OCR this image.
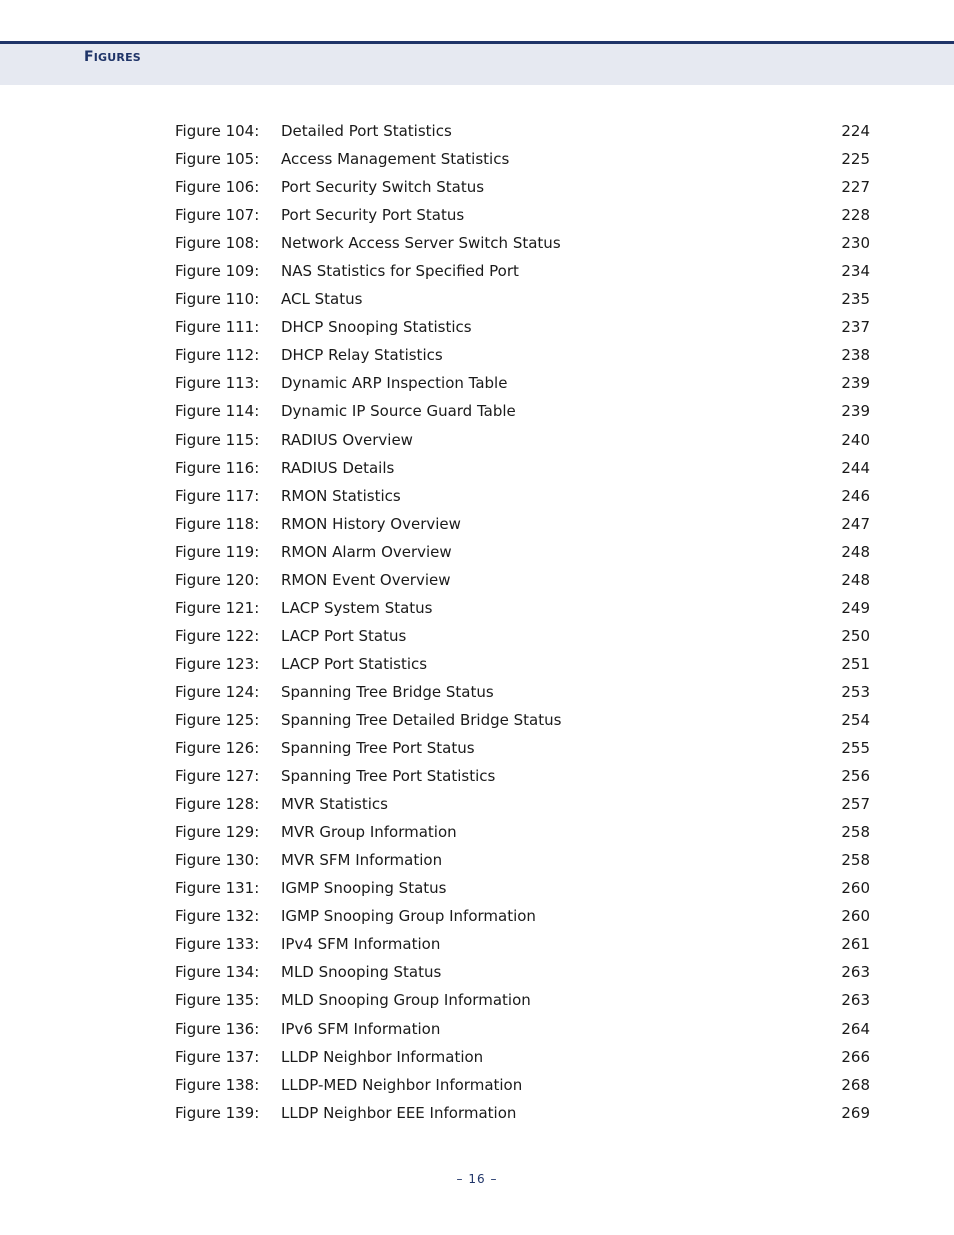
FIGURES
Figure 104: Detailed Port Statistics	224
Figure 105: Access Management Statistics	225
Figure 106: Port Security Switch Status	227
Figure 107: Port Security Port Status	228
Figure 108: Network Access Server Switch Status	230
Figure 109: NAS Statistics for Specified Port	234
Figure 110: ACL Status	235
Figure 111: DHCP Snooping Statistics	237
Figure 112: DHCP Relay Statistics	238
Figure 113: Dynamic ARP Inspection Table	239
Figure 114: Dynamic IP Source Guard Table	239
Figure 115: RADIUS Overview	240
Figure 116: RADIUS Details	244
Figure 117: RMON Statistics	246
Figure 118: RMON History Overview	247
Figure 119: RMON Alarm Overview	248
Figure 120: RMON Event Overview	248
Figure 121: LACP System Status	249
Figure 122: LACP Port Status	250
Figure 123: LACP Port Statistics	251
Figure 124: Spanning Tree Bridge Status	253
Figure 125: Spanning Tree Detailed Bridge Status	254
Figure 126: Spanning Tree Port Status	255
Figure 127: Spanning Tree Port Statistics	256
Figure 128: MVR Statistics	257
Figure 129: MVR Group Information	258
Figure 130: MVR SFM Information	258
Figure 131: IGMP Snooping Status	260
Figure 132: IGMP Snooping Group Information	260
Figure 133: IPv4 SFM Information	261
Figure 134: MLD Snooping Status	263
Figure 135: MLD Snooping Group Information	263
Figure 136: IPv6 SFM Information	264
Figure 137: LLDP Neighbor Information	266
Figure 138: LLDP-MED Neighbor Information	268
Figure 139: LLDP Neighbor EEE Information	269
– 16 –
